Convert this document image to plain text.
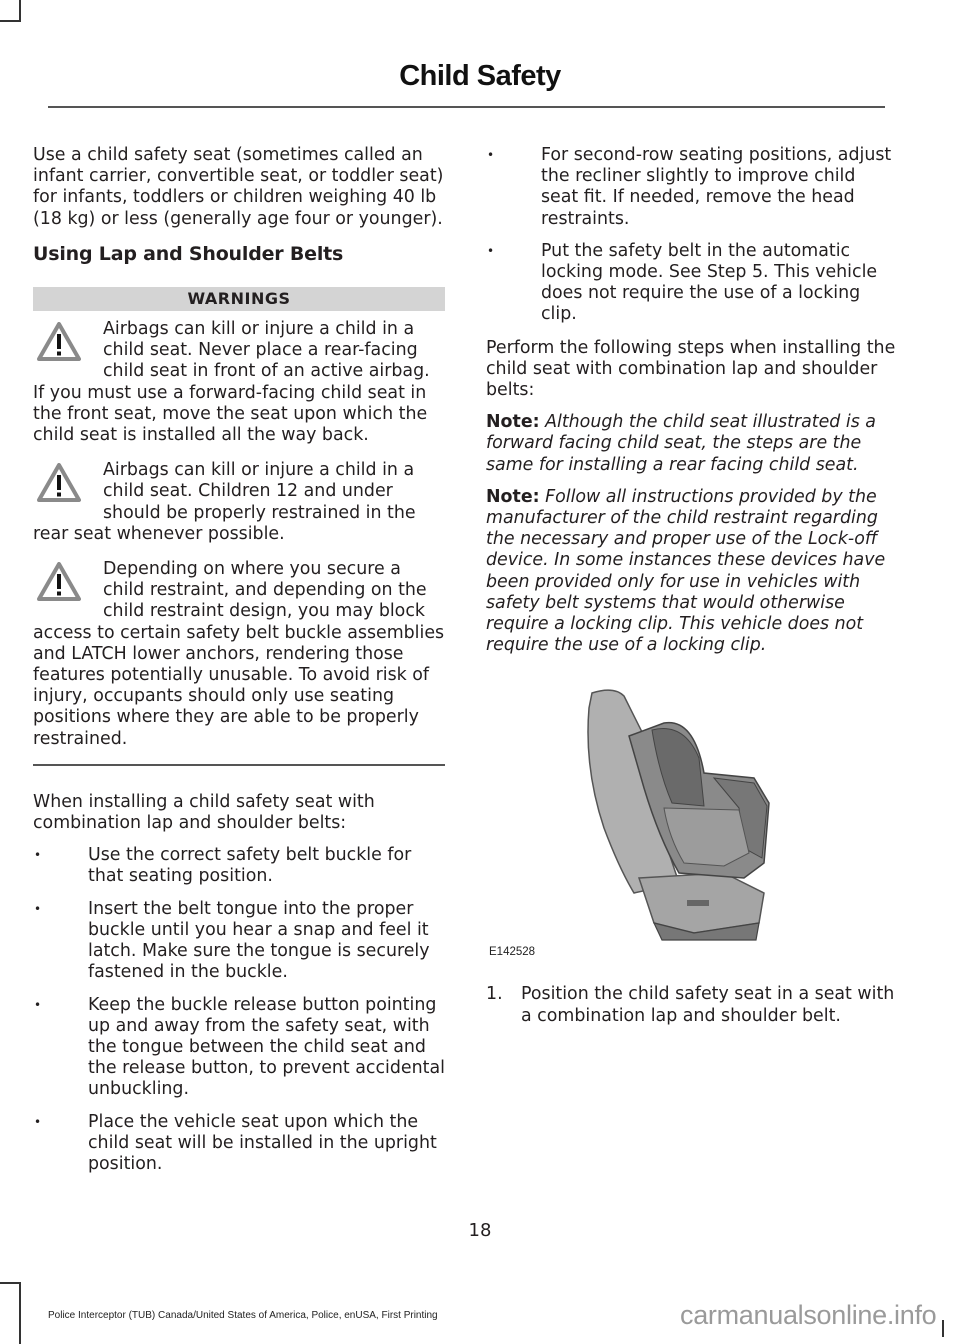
Child Safety

Use a child safety seat (sometimes called an infant carrier, convertible seat, or toddler seat) for infants, toddlers or children weighing 40 lb (18 kg) or less (generally age four or younger).

Using Lap and Shoulder Belts
WARNINGS
Airbags can kill or injure a child in a child seat. Never place a rear-facing child seat in front of an active airbag. If you must use a forward-facing child seat in the front seat, move the seat upon which the child seat is installed all the way back.
Airbags can kill or injure a child in a child seat. Children 12 and under should be properly restrained in the rear seat whenever possible.
Depending on where you secure a child restraint, and depending on the child restraint design, you may block access to certain safety belt buckle assemblies and LATCH lower anchors, rendering those features potentially unusable. To avoid risk of injury, occupants should only use seating positions where they are able to be properly restrained.

When installing a child safety seat with combination lap and shoulder belts:

•	Use the correct safety belt buckle for that seating position.
•	Insert the belt tongue into the proper buckle until you hear a snap and feel it latch. Make sure the tongue is securely fastened in the buckle.
•	Keep the buckle release button pointing up and away from the safety seat, with the tongue between the child seat and the release button, to prevent accidental unbuckling.
•	Place the vehicle seat upon which the child seat will be installed in the upright position.
•	For second-row seating positions, adjust the recliner slightly to improve child seat fit. If needed, remove the head restraints.
•	Put the safety belt in the automatic locking mode. See Step 5. This vehicle does not require the use of a locking clip.

Perform the following steps when installing the child seat with combination lap and shoulder belts:

Note: Although the child seat illustrated is a forward facing child seat, the steps are the same for installing a rear facing child seat.

Note: Follow all instructions provided by the manufacturer of the child restraint regarding the necessary and proper use of the Lock-off device. In some instances these devices have been provided only for use in vehicles with safety belt systems that would otherwise require a locking clip. This vehicle does not require the use of a locking clip.

E142528
1. Position the child safety seat in a seat with a combination lap and shoulder belt.
18
Police Interceptor (TUB) Canada/United States of America, Police, enUSA, First Printing	carmanualsonline.info
